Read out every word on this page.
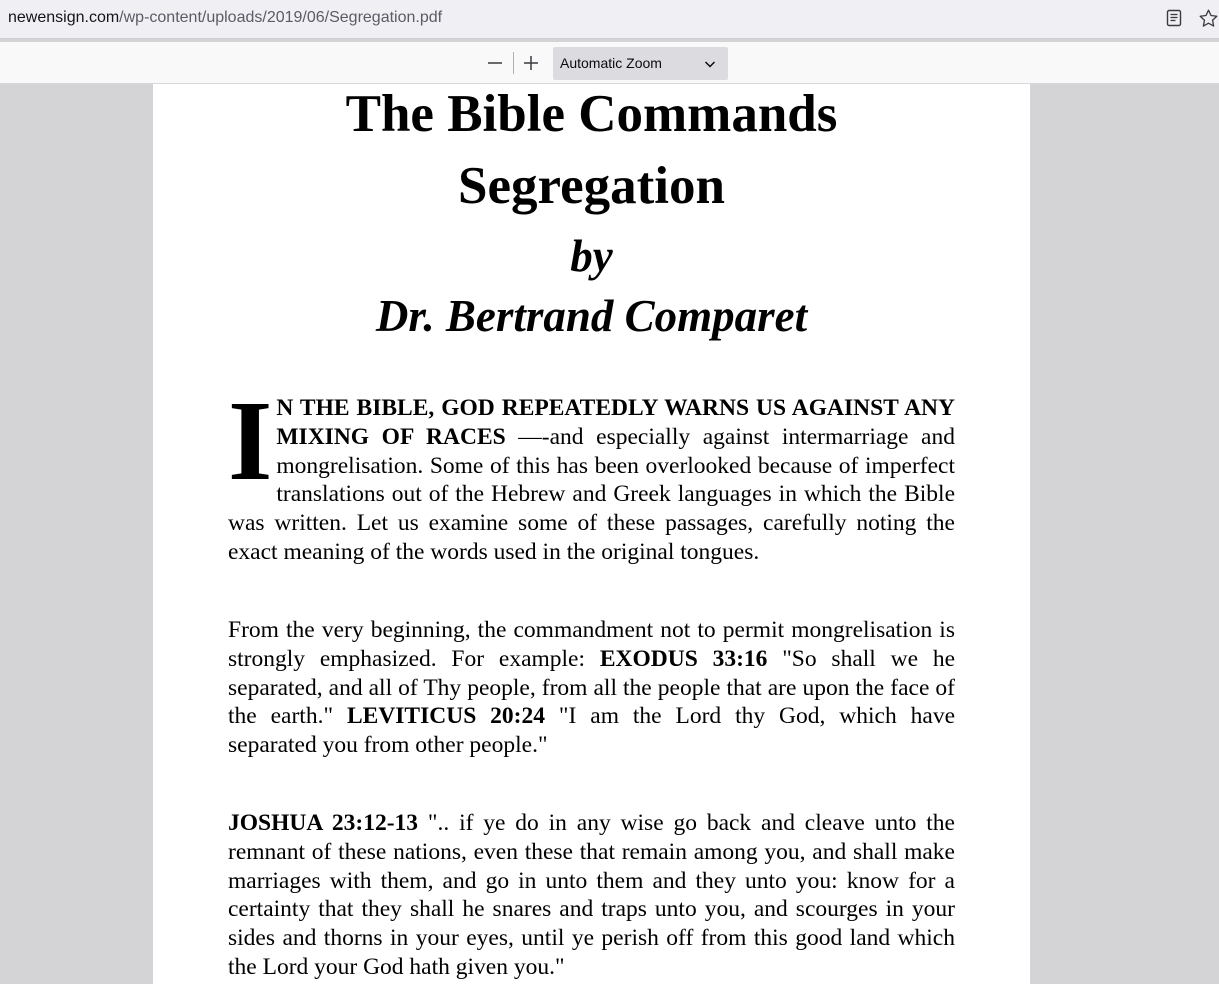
newensign.com/wp-content/uploads/2019/06/Segregation.pdf
Automatic Zoom
The Bible Commands
Segregation
by
Dr. Bertrand Comparet
I N THE BIBLE, GOD REPEATEDLY WARNS US AGAINST ANY MIXING OF RACES —-and especially against intermarriage and mongrelisation. Some of this has been overlooked because of imperfect translations out of the Hebrew and Greek languages in which the Bible was written. Let us examine some of these passages, carefully noting the exact meaning of the words used in the original tongues.
From the very beginning, the commandment not to permit mongrelisation is strongly emphasized. For example: EXODUS 33:16 "So shall we he separated, and all of Thy people, from all the people that are upon the face of the earth." LEVITICUS 20:24 "I am the Lord thy God, which have separated you from other people."
JOSHUA 23:12-13 ".. if ye do in any wise go back and cleave unto the remnant of these nations, even these that remain among you, and shall make marriages with them, and go in unto them and they unto you: know for a certainty that they shall he snares and traps unto you, and scourges in your sides and thorns in your eyes, until ye perish off from this good land which the Lord your God hath given you."
